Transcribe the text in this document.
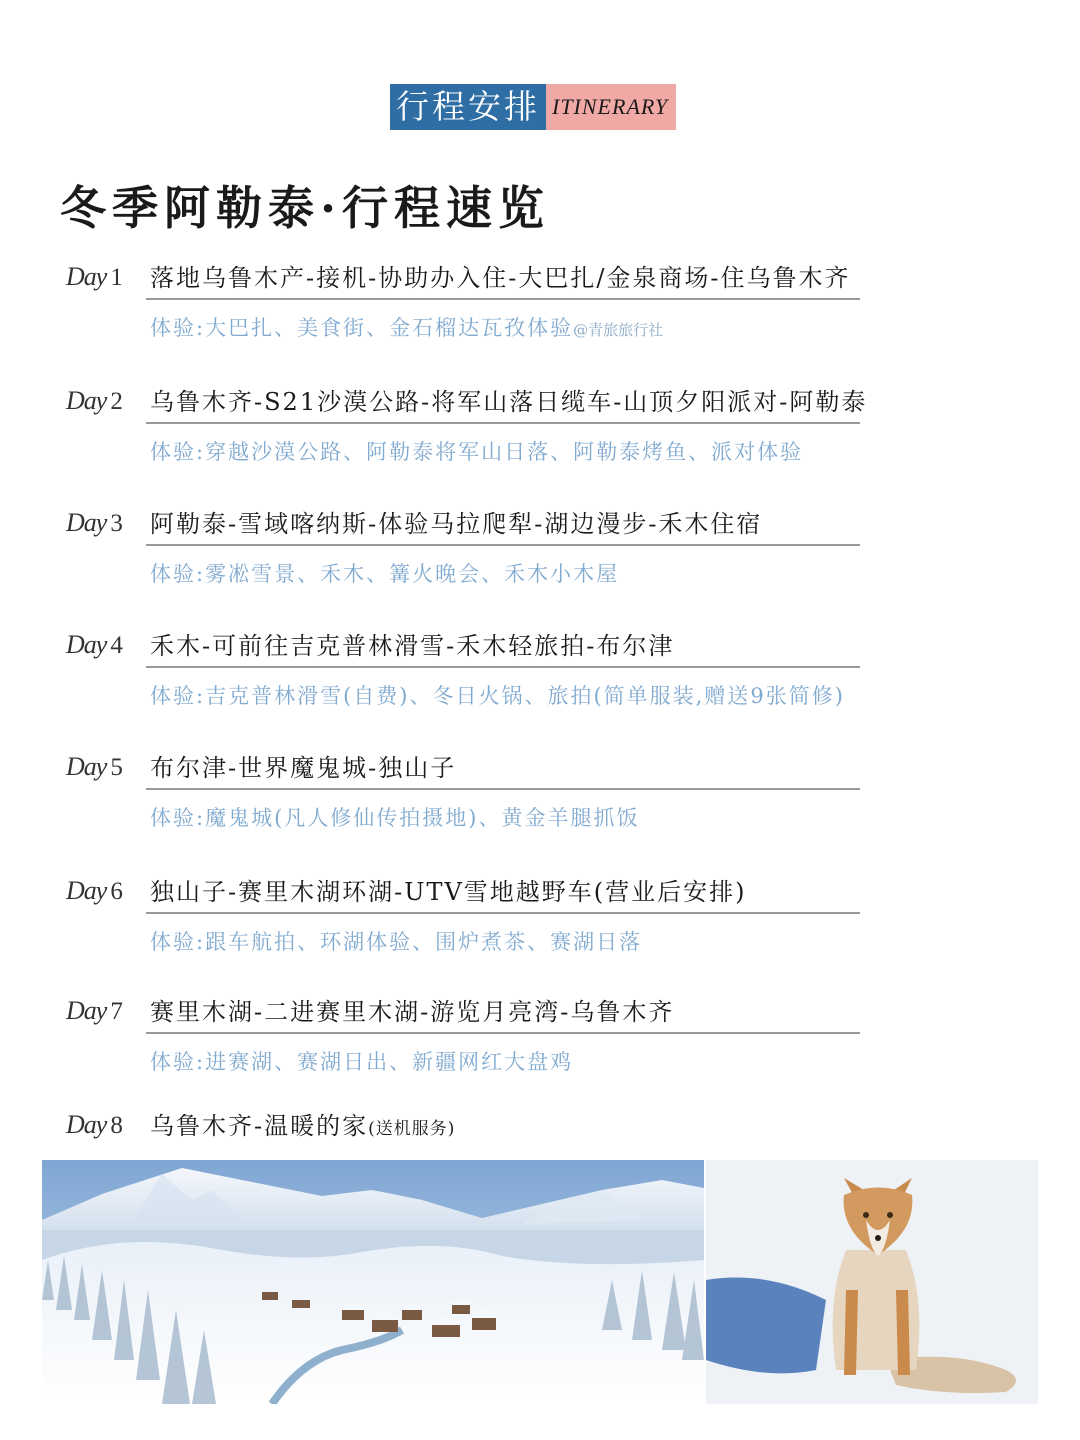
行程安排 ITINERARY
冬季阿勒泰·行程速览
Day 1 落地乌鲁木产-接机-协助办入住-大巴扎/金泉商场-住乌鲁木齐
体验:大巴扎、美食街、金石榴达瓦孜体验@青旅旅行社
Day 2 乌鲁木齐-S21沙漠公路-将军山落日缆车-山顶夕阳派对-阿勒泰
体验:穿越沙漠公路、阿勒泰将军山日落、阿勒泰烤鱼、派对体验
Day 3 阿勒泰-雪域喀纳斯-体验马拉爬犁-湖边漫步-禾木住宿
体验:雾凇雪景、禾木、篝火晚会、禾木小木屋
Day 4 禾木-可前往吉克普林滑雪-禾木轻旅拍-布尔津
体验:吉克普林滑雪(自费)、冬日火锅、旅拍(简单服装,赠送9张简修)
Day 5 布尔津-世界魔鬼城-独山子
体验:魔鬼城(凡人修仙传拍摄地)、黄金羊腿抓饭
Day 6 独山子-赛里木湖环湖-UTV雪地越野车(营业后安排)
体验:跟车航拍、环湖体验、围炉煮茶、赛湖日落
Day 7 赛里木湖-二进赛里木湖-游览月亮湾-乌鲁木齐
体验:进赛湖、赛湖日出、新疆网红大盘鸡
Day 8 乌鲁木齐-温暖的家(送机服务)
